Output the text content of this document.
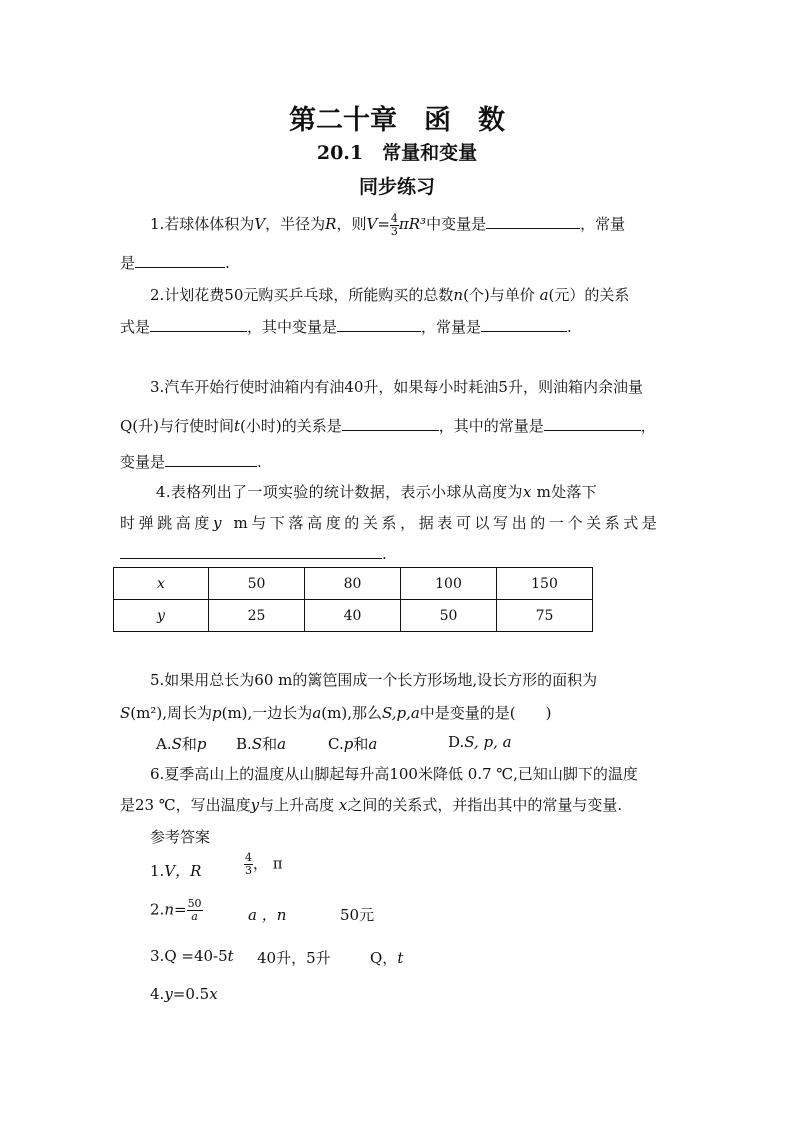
第二十章　函　数
20.1　常量和变量
同步练习
1.若球体体积为V，半径为R，则$V= \frac{4}{3} \pi R^3$中变量是	，常量
是	.
2.计划花费50元购买乒乓球，所能购买的总数n(个)与单价 a(元）的关系
式是	，其中变量是	，常量是	.
3.汽车开始行使时油箱内有油40升，如果每小时耗油5升，则油箱内余油量
Q(升)与行使时间t(小时)的关系是	，其中的常量是	，
变量是	.
4.表格列出了一项实验的统计数据，表示小球从高度为x m处落下
时弹跳高度y m与下落高度的关系，据表可以写出的一个关系式是
.
x	50	80	100	150
y	25	40	50	75
5.如果用总长为60 m的篱笆围成一个长方形场地,设长方形的面积为
S(m²),周长为p(m),一边长为a(m),那么S,p,a中是变量的是(　　)
A.S和p B.S和a	C.p和a	D.S, p, a
6.夏季高山上的温度从山脚起每升高100米降低 0.7 ℃,已知山脚下的温度
是23 ℃，写出温度y与上升高度 x之间的关系式，并指出其中的常量与变量.
参考答案
1.V，R	$\frac{4}{3}$ ， π
$2.n= \frac{50}{a}$	a ，n	50元
3.Q =40-5t 40升，5升	Q，t
4.y=0.5x
